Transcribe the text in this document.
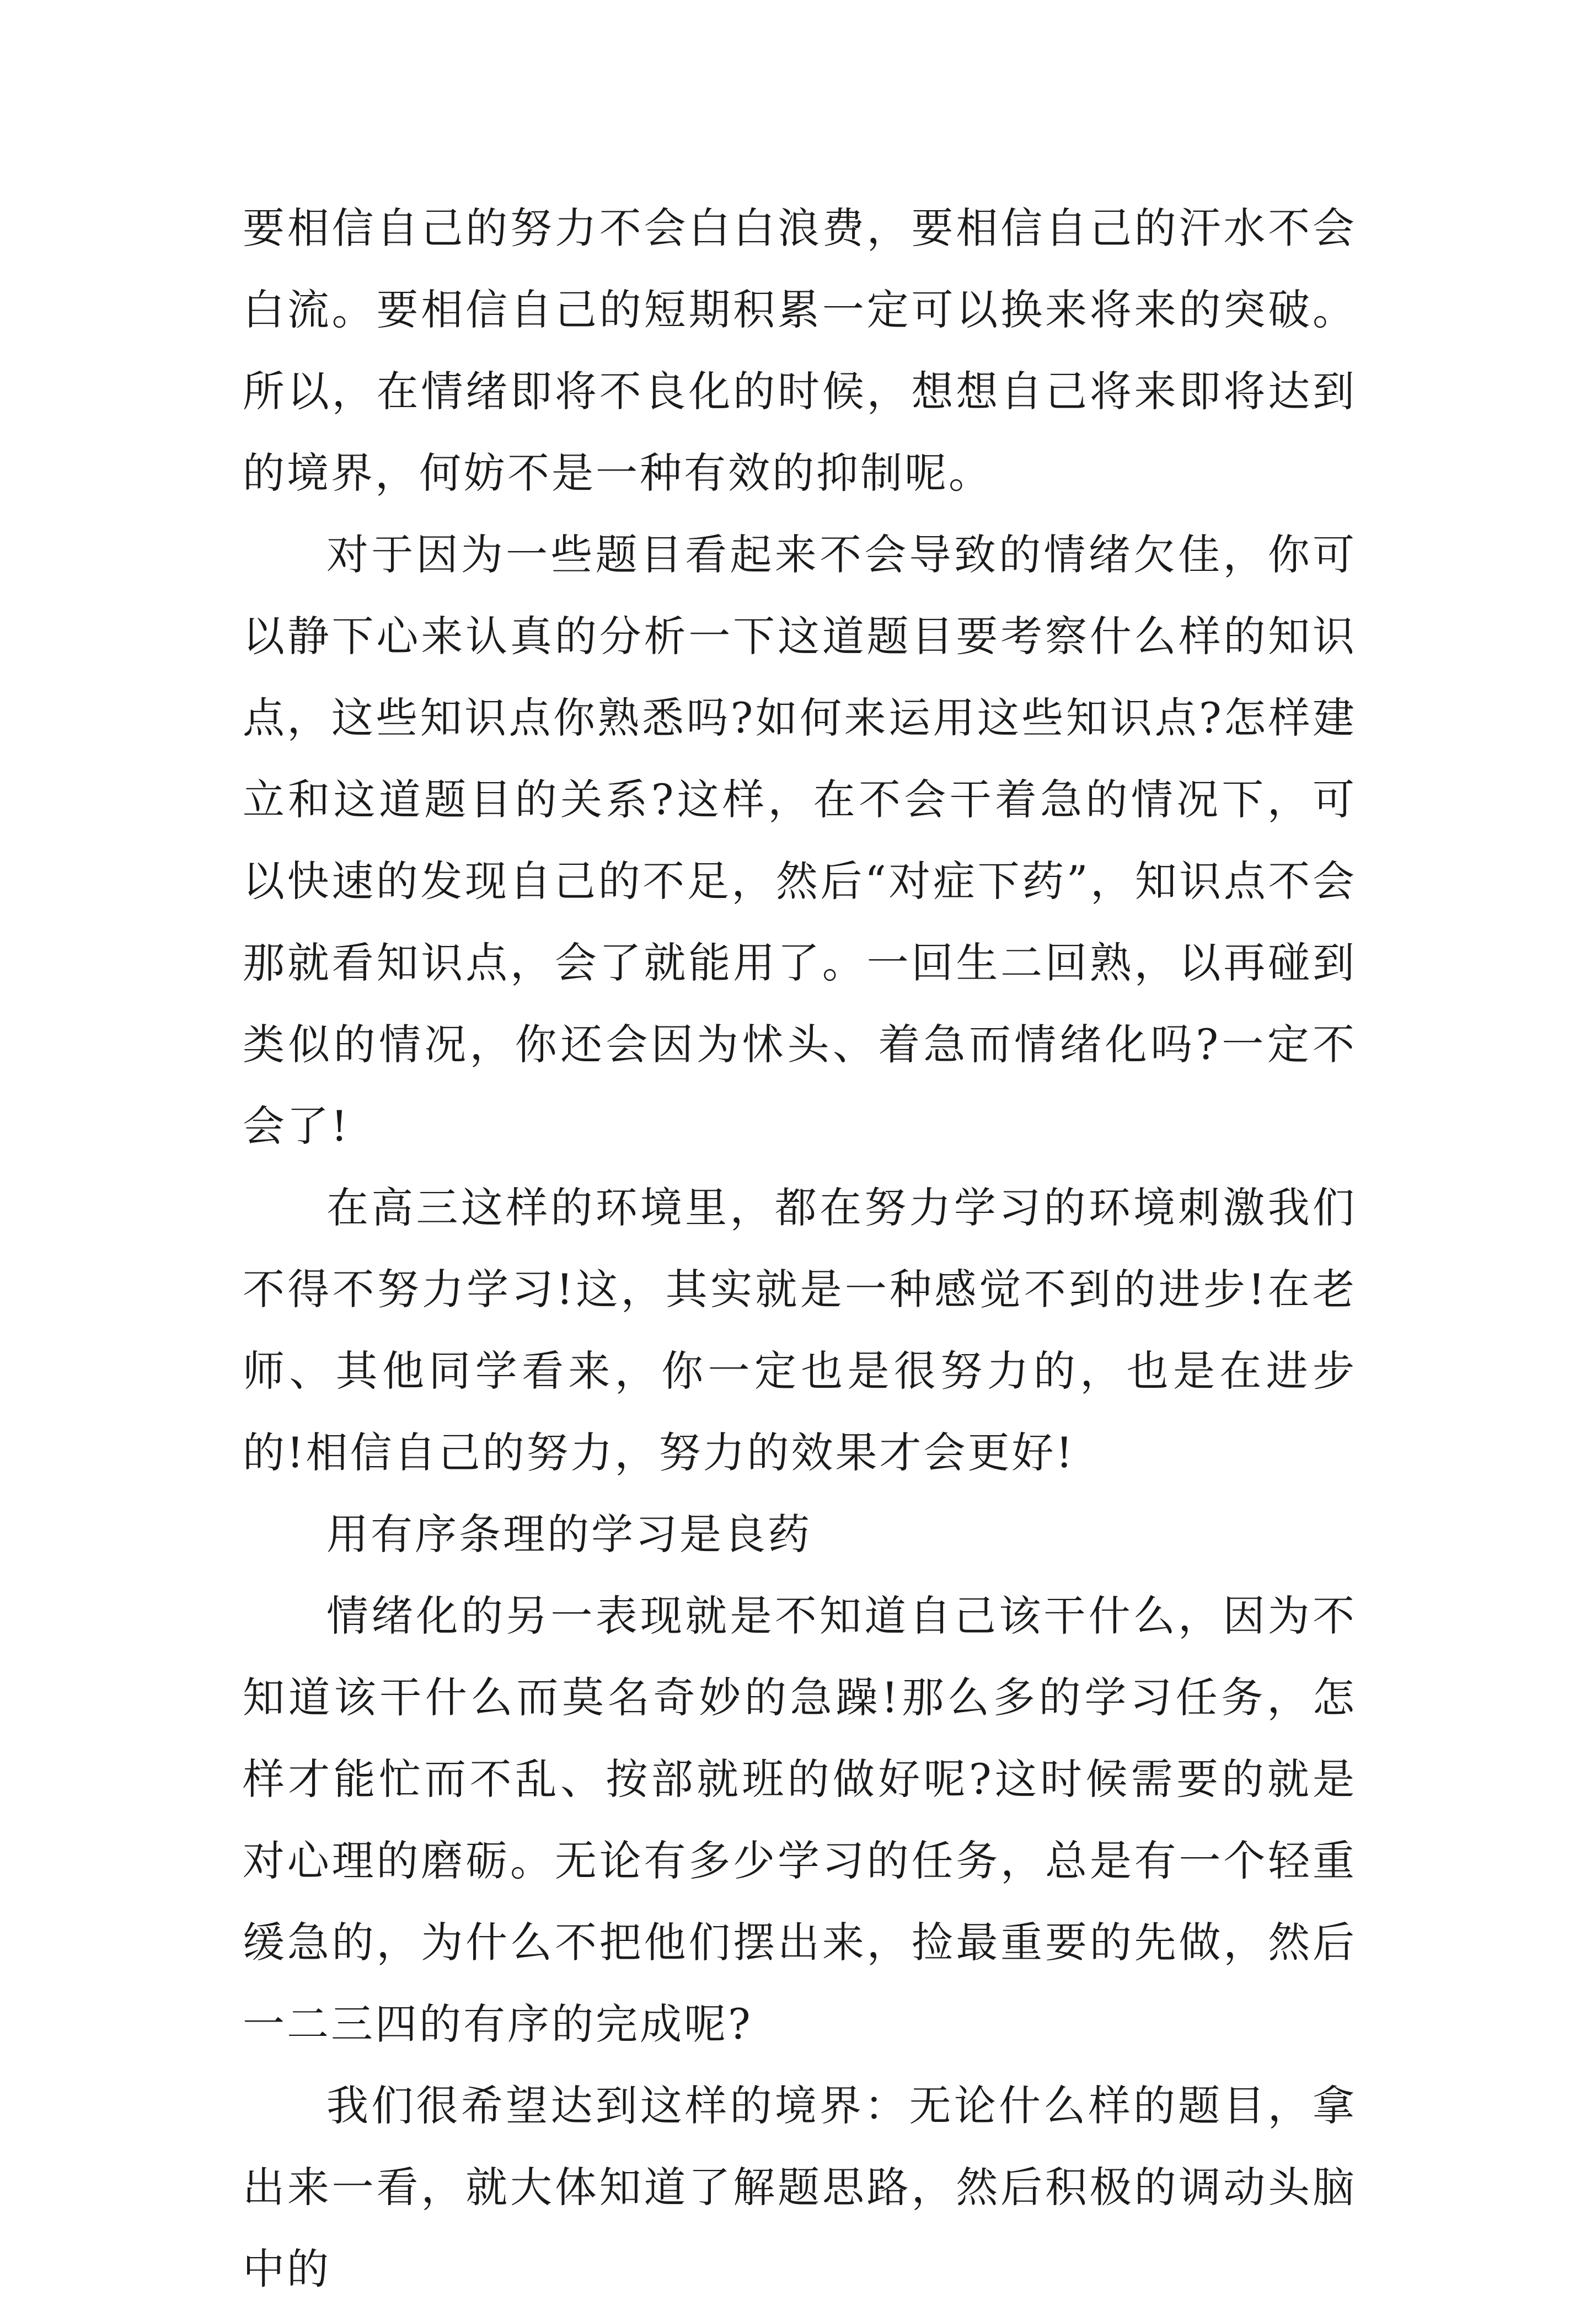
要相信自己的努力不会白白浪费，要相信自己的汗水不会白流。要相信自己的短期积累一定可以换来将来的突破。所以，在情绪即将不良化的时候，想想自己将来即将达到的境界，何妨不是一种有效的抑制呢。

对于因为一些题目看起来不会导致的情绪欠佳，你可以静下心来认真的分析一下这道题目要考察什么样的知识点，这些知识点你熟悉吗?如何来运用这些知识点?怎样建立和这道题目的关系?这样，在不会干着急的情况下，可以快速的发现自己的不足，然后“对症下药”，知识点不会那就看知识点，会了就能用了。一回生二回熟，以再碰到类似的情况，你还会因为怵头、着急而情绪化吗?一定不会了!

在高三这样的环境里，都在努力学习的环境刺激我们不得不努力学习!这，其实就是一种感觉不到的进步!在老师、其他同学看来，你一定也是很努力的，也是在进步的!相信自己的努力，努力的效果才会更好!

用有序条理的学习是良药

情绪化的另一表现就是不知道自己该干什么，因为不知道该干什么而莫名奇妙的急躁!那么多的学习任务，怎样才能忙而不乱、按部就班的做好呢?这时候需要的就是对心理的磨砺。无论有多少学习的任务，总是有一个轻重缓急的，为什么不把他们摆出来，捡最重要的先做，然后一二三四的有序的完成呢?

我们很希望达到这样的境界：无论什么样的题目，拿出来一看，就大体知道了解题思路，然后积极的调动头脑中的
